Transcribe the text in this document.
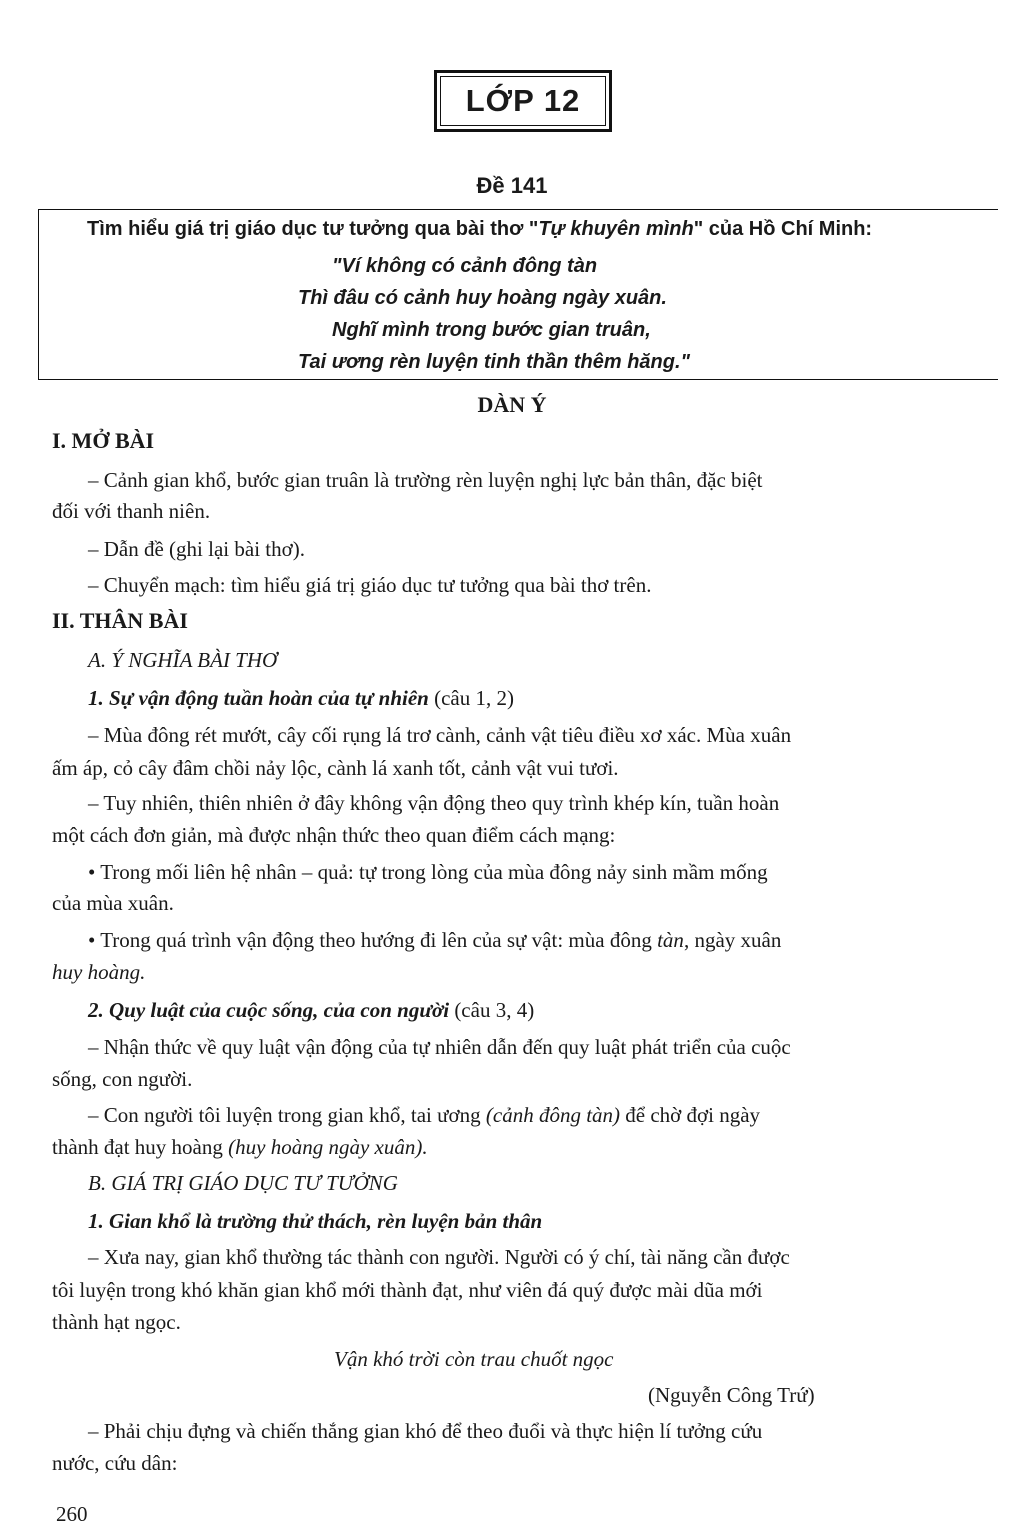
LỚP 12
Đề 141
Tìm hiểu giá trị giáo dục tư tưởng qua bài thơ "Tự khuyên mình" của Hồ Chí Minh:
"Ví không có cảnh đông tàn
Thì đâu có cảnh huy hoàng ngày xuân.
Nghĩ mình trong bước gian truân,
Tai ương rèn luyện tinh thần thêm hăng."
DÀN Ý
I. MỞ BÀI
– Cảnh gian khổ, bước gian truân là trường rèn luyện nghị lực bản thân, đặc biệt
đối với thanh niên.
– Dẫn đề (ghi lại bài thơ).
– Chuyển mạch: tìm hiểu giá trị giáo dục tư tưởng qua bài thơ trên.
II. THÂN BÀI
A. Ý NGHĨA BÀI THƠ
1. Sự vận động tuần hoàn của tự nhiên (câu 1, 2)
– Mùa đông rét mướt, cây cối rụng lá trơ cành, cảnh vật tiêu điều xơ xác. Mùa xuân
ấm áp, cỏ cây đâm chồi nảy lộc, cành lá xanh tốt, cảnh vật vui tươi.
– Tuy nhiên, thiên nhiên ở đây không vận động theo quy trình khép kín, tuần hoàn
một cách đơn giản, mà được nhận thức theo quan điểm cách mạng:
• Trong mối liên hệ nhân – quả: tự trong lòng của mùa đông nảy sinh mầm mống
của mùa xuân.
• Trong quá trình vận động theo hướng đi lên của sự vật: mùa đông tàn, ngày xuân
huy hoàng.
2. Quy luật của cuộc sống, của con người (câu 3, 4)
– Nhận thức về quy luật vận động của tự nhiên dẫn đến quy luật phát triển của cuộc
sống, con người.
– Con người tôi luyện trong gian khổ, tai ương (cảnh đông tàn) để chờ đợi ngày
thành đạt huy hoàng (huy hoàng ngày xuân).
B. GIÁ TRỊ GIÁO DỤC TƯ TƯỞNG
1. Gian khổ là trường thử thách, rèn luyện bản thân
– Xưa nay, gian khổ thường tác thành con người. Người có ý chí, tài năng cần được
tôi luyện trong khó khăn gian khổ mới thành đạt, như viên đá quý được mài dũa mới
thành hạt ngọc.
Vận khó trời còn trau chuốt ngọc
(Nguyễn Công Trứ)
– Phải chịu đựng và chiến thắng gian khó để theo đuổi và thực hiện lí tưởng cứu
nước, cứu dân:
260
